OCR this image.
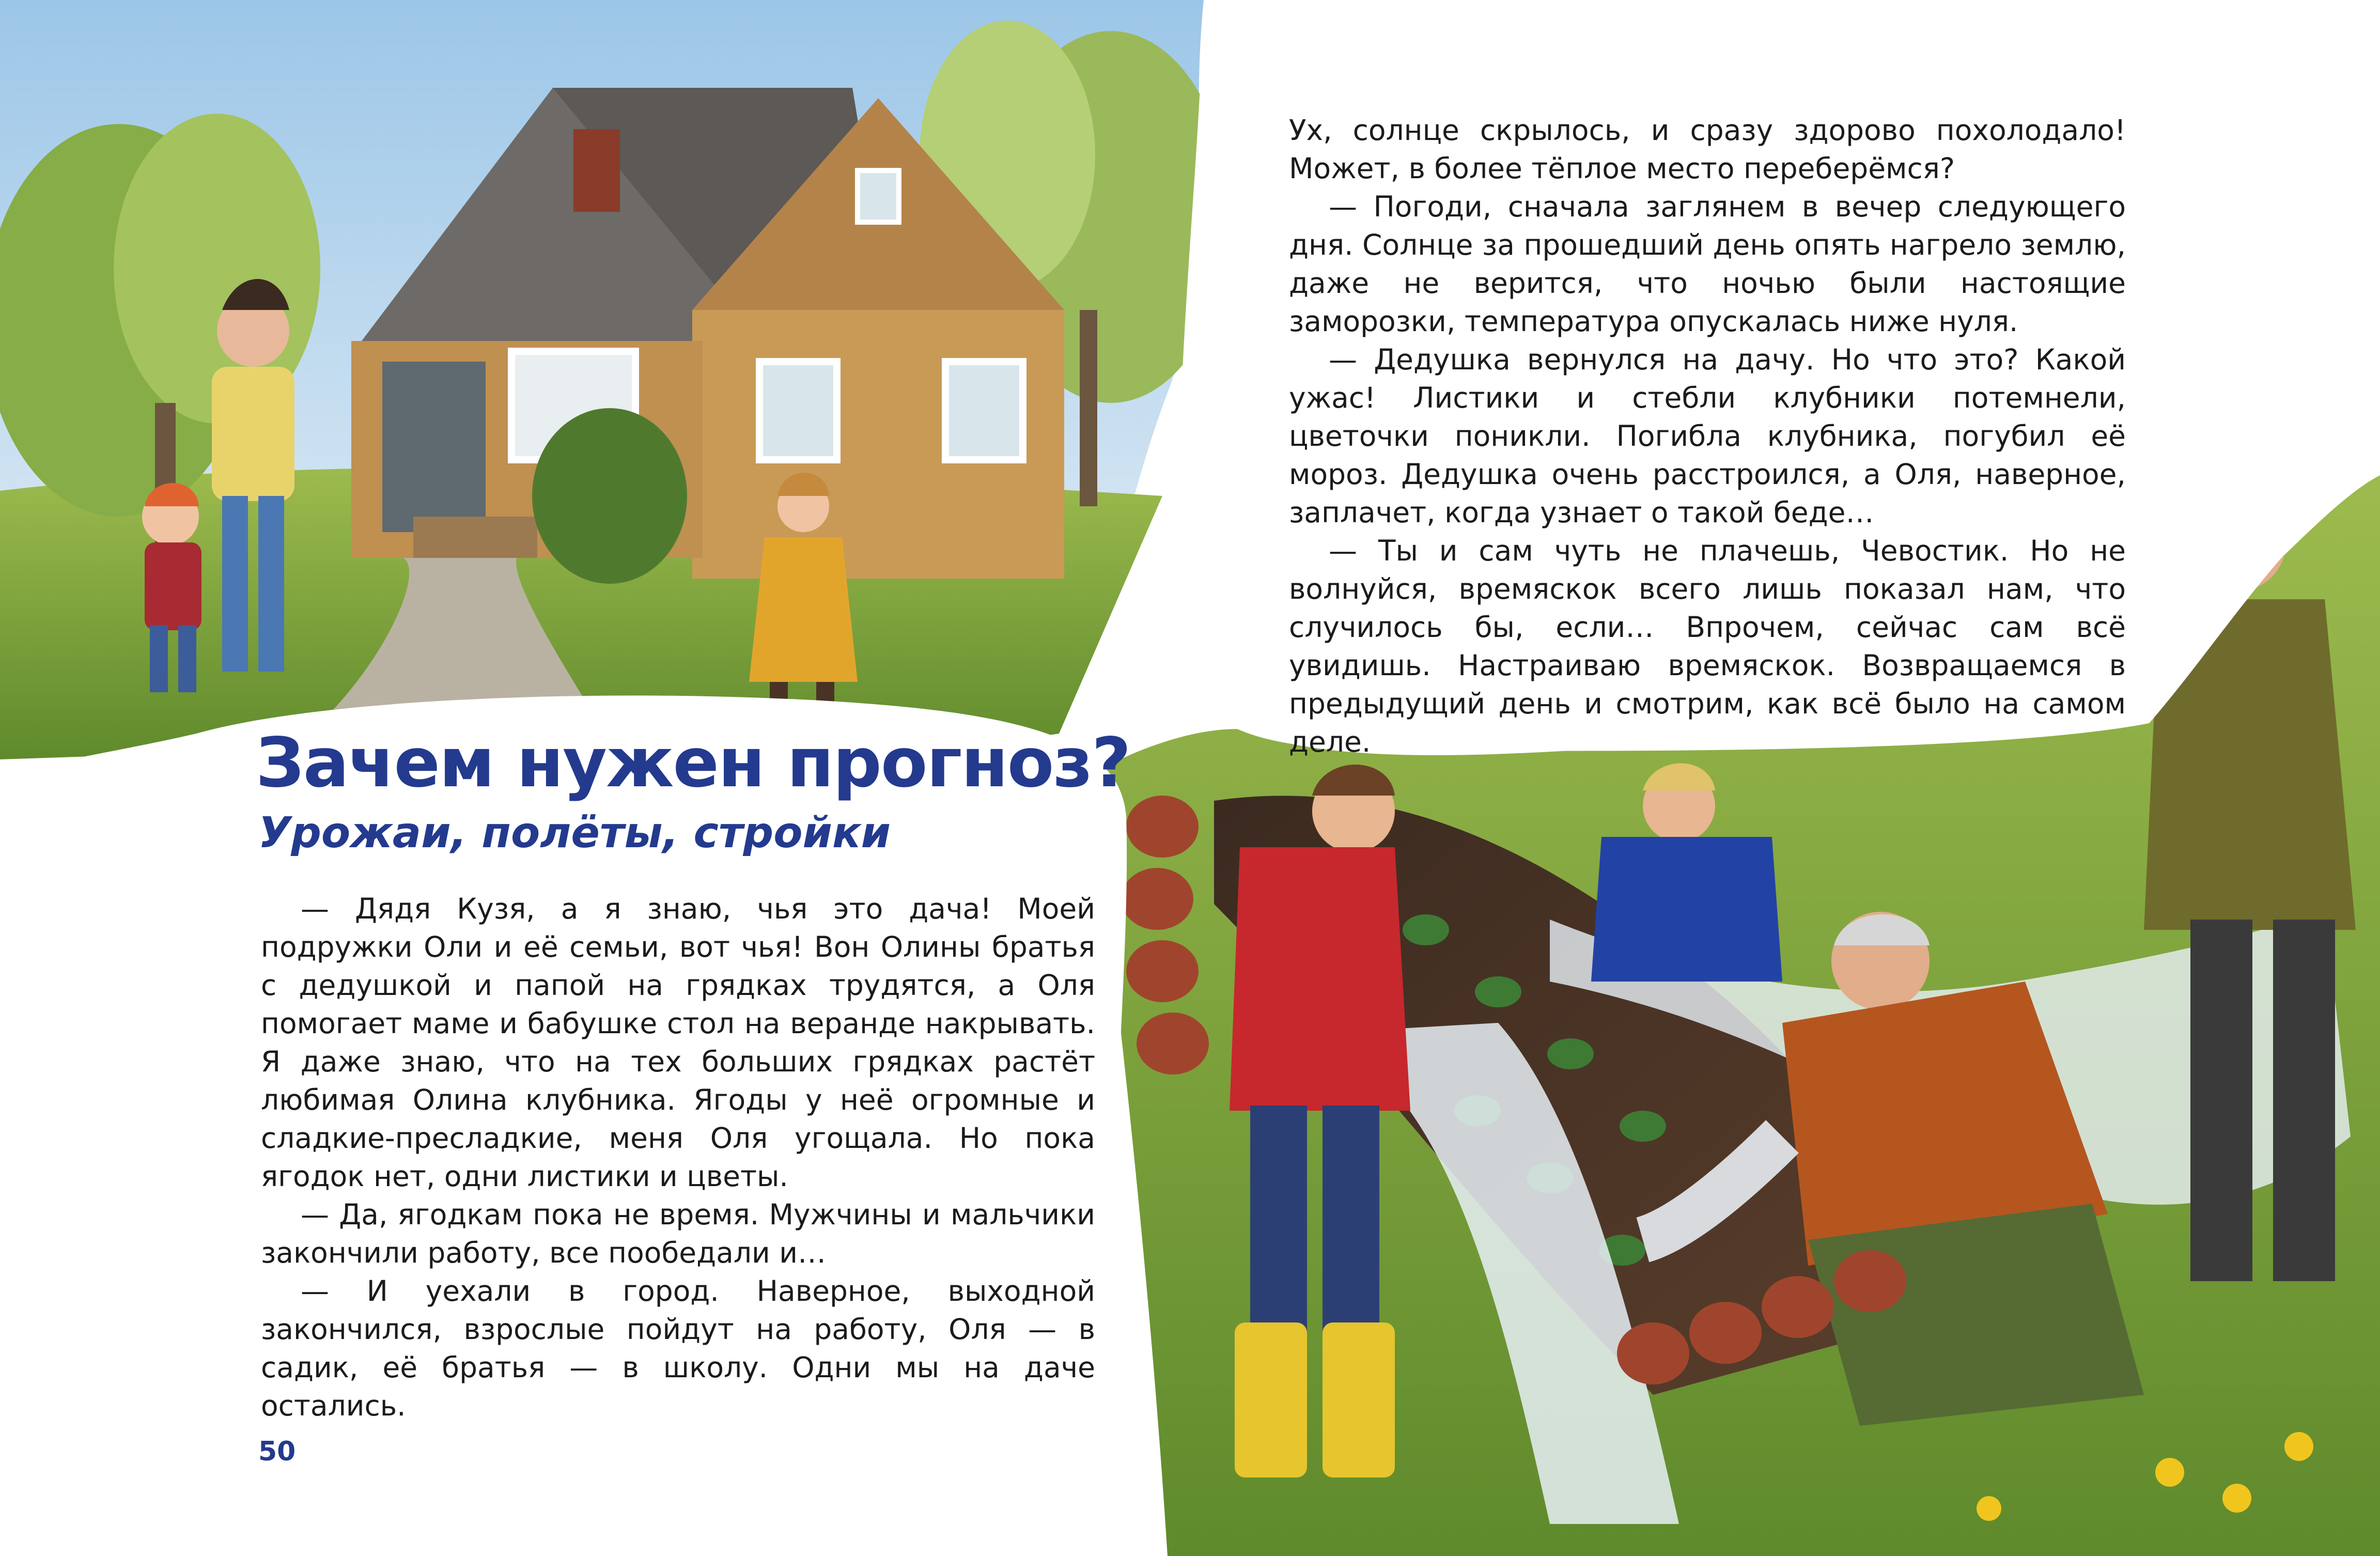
Зачем нужен прогноз?
Урожаи, полёты, стройки

— Дядя Кузя, а я знаю, чья это дача! Моей подружки Оли и её семьи, вот чья! Вон Олины братья с дедушкой и папой на грядках трудятся, а Оля помогает маме и бабушке стол на веранде накрывать. Я даже знаю, что на тех больших грядках растёт любимая Олина клубника. Ягоды у неё огромные и сладкие-пресладкие, меня Оля угощала. Но пока ягодок нет, одни листики и цветы.

— Да, ягодкам пока не время. Мужчины и мальчики закончили работу, все пообедали и…

— И уехали в город. Наверное, выходной закончился, взрослые пойдут на работу, Оля — в садик, её братья — в школу. Одни мы на даче остались.

Ух, солнце скрылось, и сразу здорово похолодало! Может, в более тёплое место переберёмся?

— Погоди, сначала заглянем в вечер следующего дня. Солнце за прошедший день опять нагрело землю, даже не верится, что ночью были настоящие заморозки, температура опускалась ниже нуля.

— Дедушка вернулся на дачу. Но что это? Какой ужас! Листики и стебли клубники потемнели, цветочки поникли. Погибла клубника, погубил её мороз. Дедушка очень расстроился, а Оля, наверное, заплачет, когда узнает о такой беде…

— Ты и сам чуть не плачешь, Чевостик. Но не волнуйся, времяскок всего лишь показал нам, что случилось бы, если… Впрочем, сейчас сам всё увидишь. Настраиваю времяскок. Возвращаемся в предыдущий день и смотрим, как всё было на самом деле.

50
